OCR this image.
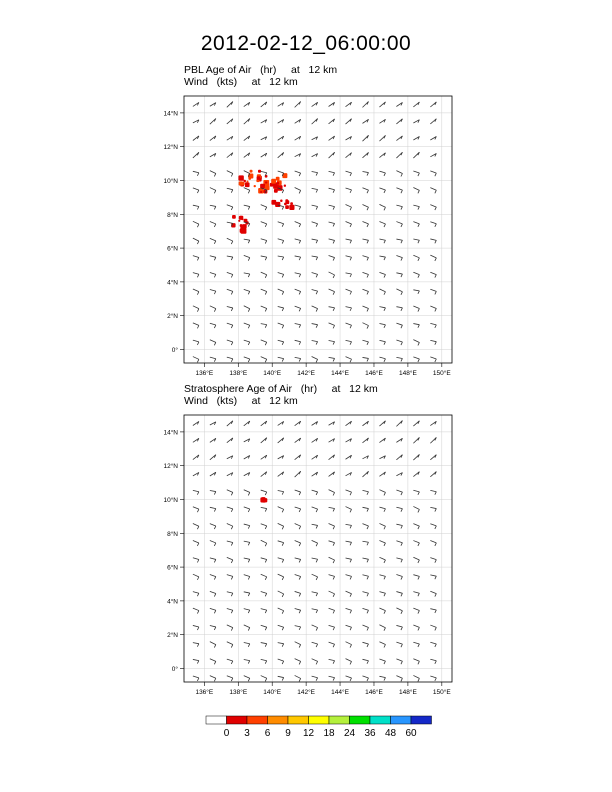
2012-02-12_06:00:00
PBL Age of Air   (hr)     at   12 km
Wind   (kts)     at   12 km
136°E 138°E 140°E 142°E 144°E 146°E 148°E 150°E
0°
2°N
4°N
6°N
8°N
10°N
12°N
14°N
Stratosphere Age of Air   (hr)     at   12 km
Wind   (kts)     at   12 km
136°E 138°E 140°E 142°E 144°E 146°E 148°E 150°E
0°
2°N
4°N
6°N
8°N
10°N
12°N
14°N
0	3	6	9	12 18 24 36 48 60
